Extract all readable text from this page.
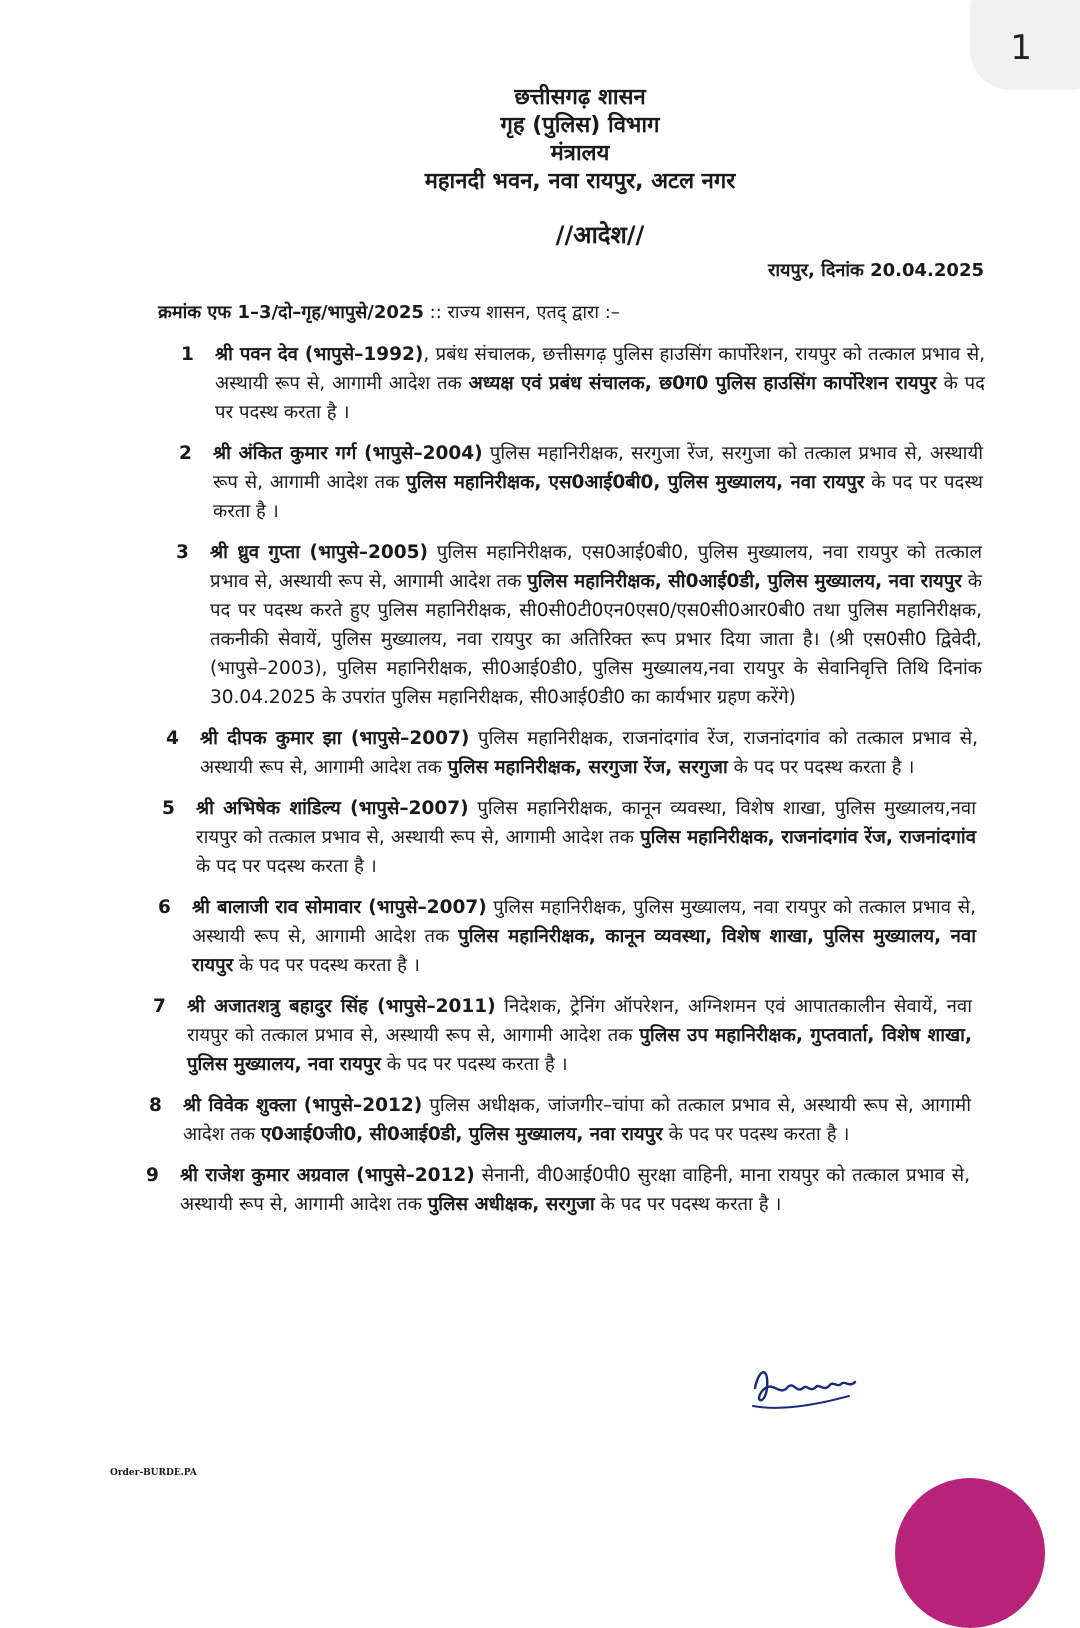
1
छत्तीसगढ़ शासन
गृह (पुलिस) विभाग
मंत्रालय
महानदी भवन, नवा रायपुर, अटल नगर
//आदेश//
रायपुर, दिनांक 20.04.2025
क्रमांक एफ 1–3/दो–गृह/भापुसे/2025 :: राज्य शासन, एतद् द्वारा :–
1 श्री पवन देव (भापुसे–1992), प्रबंध संचालक, छत्तीसगढ़ पुलिस हाउसिंग कार्पोरेशन, रायपुर को तत्काल प्रभाव से, अस्थायी रूप से, आगामी आदेश तक अध्यक्ष एवं प्रबंध संचालक, छ0ग0 पुलिस हाउसिंग कार्पोरेशन रायपुर के पद पर पदस्थ करता है ।
2 श्री अंकित कुमार गर्ग (भापुसे–2004) पुलिस महानिरीक्षक, सरगुजा रेंज, सरगुजा को तत्काल प्रभाव से, अस्थायी रूप से, आगामी आदेश तक पुलिस महानिरीक्षक, एस0आई0बी0, पुलिस मुख्यालय, नवा रायपुर के पद पर पदस्थ करता है ।
3 श्री ध्रुव गुप्ता (भापुसे–2005) पुलिस महानिरीक्षक, एस0आई0बी0, पुलिस मुख्यालय, नवा रायपुर को तत्काल प्रभाव से, अस्थायी रूप से, आगामी आदेश तक पुलिस महानिरीक्षक, सी0आई0डी, पुलिस मुख्यालय, नवा रायपुर के पद पर पदस्थ करते हुए पुलिस महानिरीक्षक, सी0सी0टी0एन0एस0/एस0सी0आर0बी0 तथा पुलिस महानिरीक्षक, तकनीकी सेवायें, पुलिस मुख्यालय, नवा रायपुर का अतिरिक्त रूप प्रभार दिया जाता है। (श्री एस0सी0 द्विवेदी, (भापुसे–2003), पुलिस महानिरीक्षक, सी0आई0डी0, पुलिस मुख्यालय,नवा रायपुर के सेवानिवृत्ति तिथि दिनांक 30.04.2025 के उपरांत पुलिस महानिरीक्षक, सी0आई0डी0 का कार्यभार ग्रहण करेंगे)
4 श्री दीपक कुमार झा (भापुसे–2007) पुलिस महानिरीक्षक, राजनांदगांव रेंज, राजनांदगांव को तत्काल प्रभाव से, अस्थायी रूप से, आगामी आदेश तक पुलिस महानिरीक्षक, सरगुजा रेंज, सरगुजा के पद पर पदस्थ करता है ।
5 श्री अभिषेक शांडिल्य (भापुसे–2007) पुलिस महानिरीक्षक, कानून व्यवस्था, विशेष शाखा, पुलिस मुख्यालय,नवा रायपुर को तत्काल प्रभाव से, अस्थायी रूप से, आगामी आदेश तक पुलिस महानिरीक्षक, राजनांदगांव रेंज, राजनांदगांव के पद पर पदस्थ करता है ।
6 श्री बालाजी राव सोमावार (भापुसे–2007) पुलिस महानिरीक्षक, पुलिस मुख्यालय, नवा रायपुर को तत्काल प्रभाव से, अस्थायी रूप से, आगामी आदेश तक पुलिस महानिरीक्षक, कानून व्यवस्था, विशेष शाखा, पुलिस मुख्यालय, नवा रायपुर के पद पर पदस्थ करता है ।
7 श्री अजातशत्रु बहादुर सिंह (भापुसे–2011) निदेशक, ट्रेनिंग ऑपरेशन, अग्निशमन एवं आपातकालीन सेवायें, नवा रायपुर को तत्काल प्रभाव से, अस्थायी रूप से, आगामी आदेश तक पुलिस उप महानिरीक्षक, गुप्तवार्ता, विशेष शाखा, पुलिस मुख्यालय, नवा रायपुर के पद पर पदस्थ करता है ।
8 श्री विवेक शुक्ला (भापुसे–2012) पुलिस अधीक्षक, जांजगीर–चांपा को तत्काल प्रभाव से, अस्थायी रूप से, आगामी आदेश तक ए0आई0जी0, सी0आई0डी, पुलिस मुख्यालय, नवा रायपुर के पद पर पदस्थ करता है ।
9 श्री राजेश कुमार अग्रवाल (भापुसे–2012) सेनानी, वी0आई0पी0 सुरक्षा वाहिनी, माना रायपुर को तत्काल प्रभाव से, अस्थायी रूप से, आगामी आदेश तक पुलिस अधीक्षक, सरगुजा के पद पर पदस्थ करता है ।
Order-BURDE.PA
